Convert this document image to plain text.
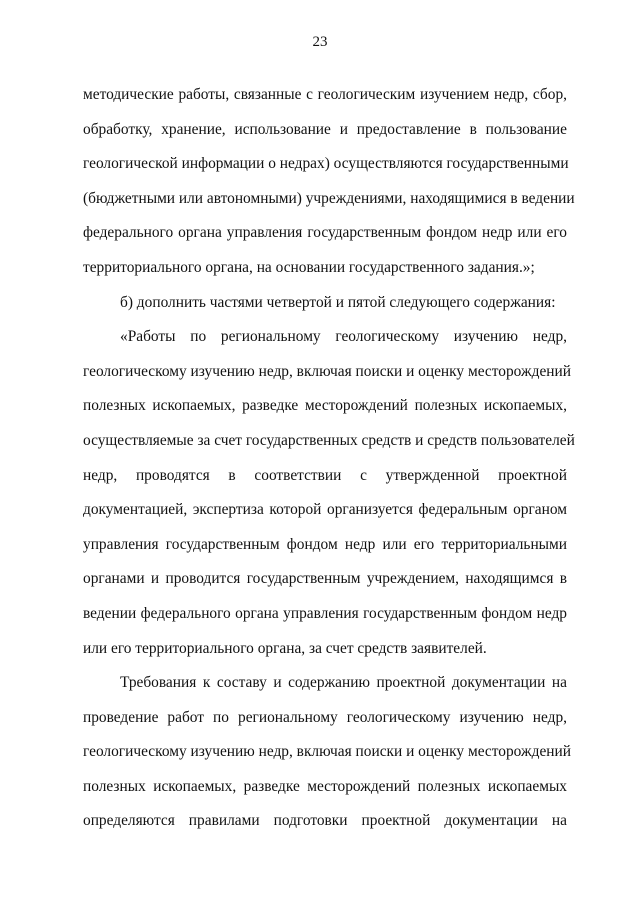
23
методические работы, связанные с геологическим изучением недр, сбор,
обработку, хранение, использование и предоставление в пользование
геологической информации о недрах) осуществляются государственными
(бюджетными или автономными) учреждениями, находящимися в ведении
федерального органа управления государственным фондом недр или его
территориального органа, на основании государственного задания.»;
б) дополнить частями четвертой и пятой следующего содержания:
«Работы по региональному геологическому изучению недр,
геологическому изучению недр, включая поиски и оценку месторождений
полезных ископаемых, разведке месторождений полезных ископаемых,
осуществляемые за счет государственных средств и средств пользователей
недр, проводятся в соответствии с утвержденной проектной
документацией, экспертиза которой организуется федеральным органом
управления государственным фондом недр или его территориальными
органами и проводится государственным учреждением, находящимся в
ведении федерального органа управления государственным фондом недр
или его территориального органа, за счет средств заявителей.
Требования к составу и содержанию проектной документации на
проведение работ по региональному геологическому изучению недр,
геологическому изучению недр, включая поиски и оценку месторождений
полезных ископаемых, разведке месторождений полезных ископаемых
определяются правилами подготовки проектной документации на
